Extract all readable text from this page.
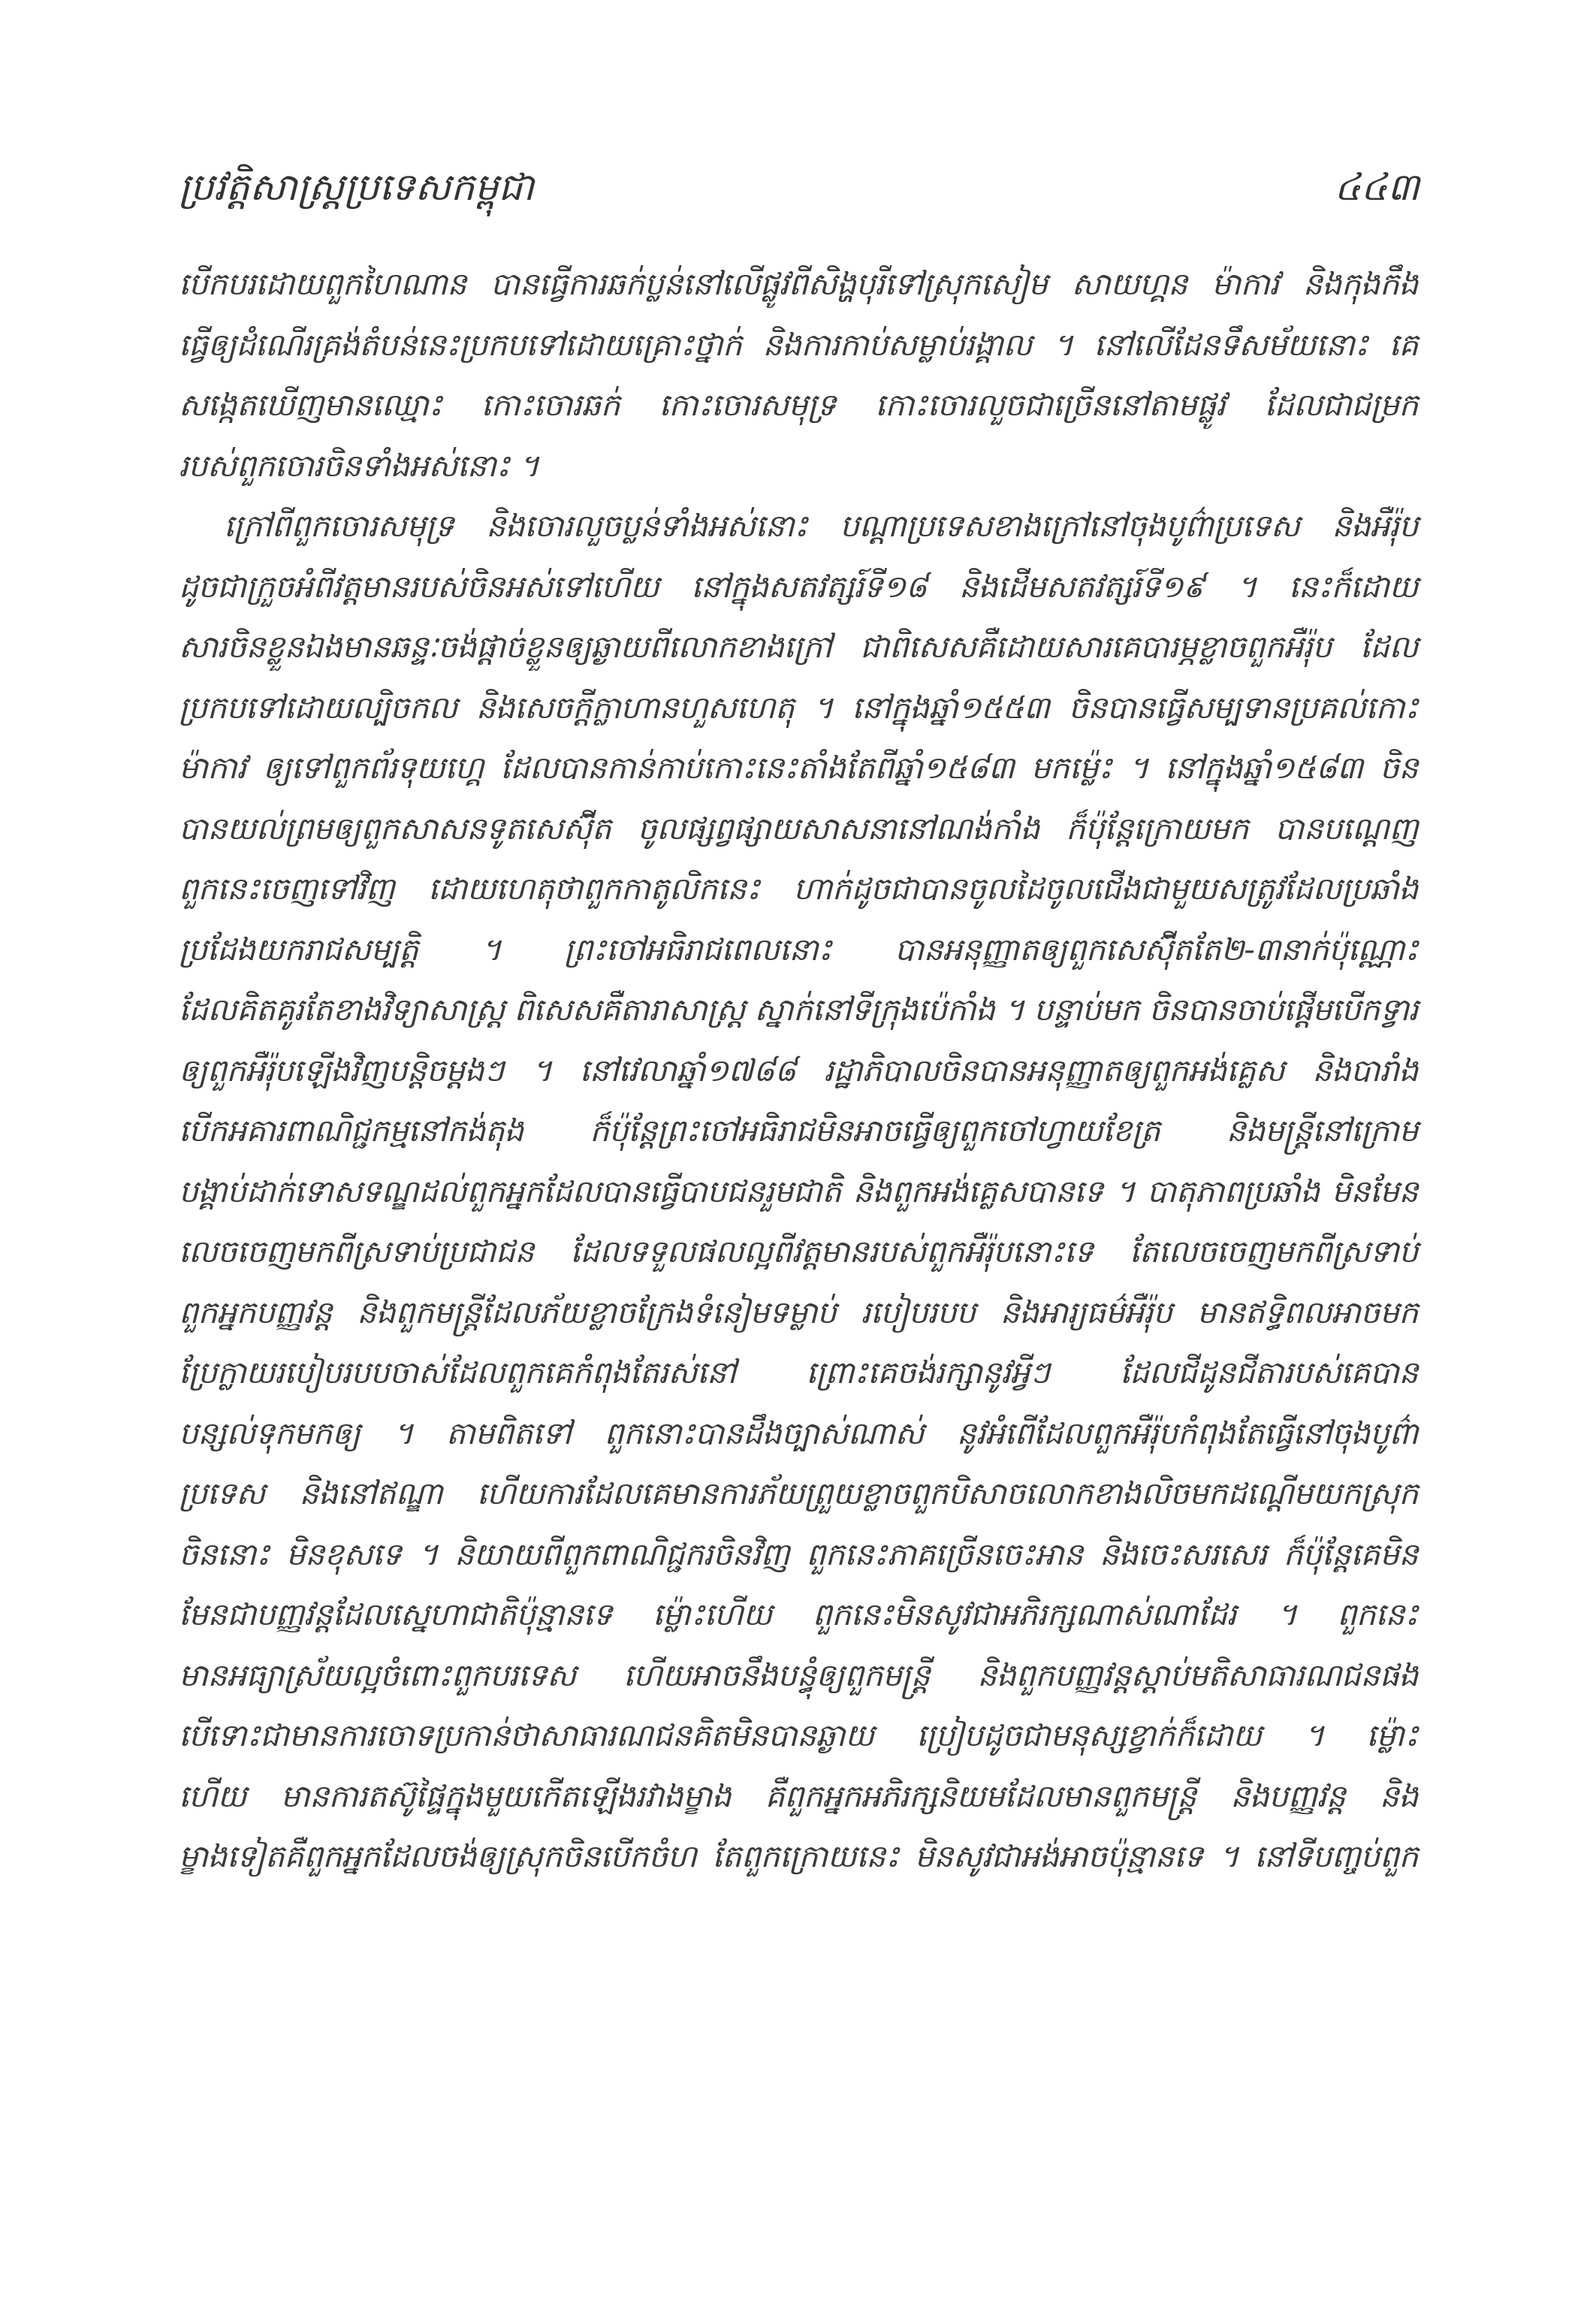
ប្រវត្តិសាស្ត្រប្រទេសកម្ពុជា	៤៤៣
បើកបរដោយពួកហៃណាន បានធ្វើការឆក់ប្លន់នៅលើផ្លូវពីសិង្ហបុរីទៅស្រុកសៀម សាយហ្គន ម៉ាកាវ និងកុងកឹង
ធ្វើឲ្យដំណើរគ្រង់តំបន់នេះប្រកបទៅដោយគ្រោះថ្នាក់ និងការកាប់សម្លាប់រង្គាល ។ នៅលើដែនទឹសម័យនោះ គេ
សង្កេតឃើញមានឈ្មោះ កោះចោរឆក់ កោះចោរសមុទ្រ កោះចោរលួចជាច្រើននៅតាមផ្លូវ ដែលជាជម្រក
របស់ពួកចោរចិនទាំងអស់នោះ ។
ក្រៅពីពួកចោរសមុទ្រ និងចោរលួចប្លន់ទាំងអស់នោះ បណ្ដាប្រទេសខាងក្រៅនៅចុងបូព៌ាប្រទេស និងអឺរ៉ុប
ដូចជាក្រួចអំពីវត្តមានរបស់ចិនអស់ទៅហើយ នៅក្នុងសតវត្សរ៍ទី១៨ និងដើមសតវត្សរ៍ទី១៩ ។ នេះក៏ដោយ
សារចិនខ្លួនឯងមានឆន្ទៈចង់ផ្ដាច់ខ្លួនឲ្យឆ្ងាយពីលោកខាងក្រៅ ជាពិសេសគឺដោយសារគេបារម្ភខ្លាចពួកអឺរ៉ុប ដែល
ប្រកបទៅដោយល្បិចកល និងសេចក្ដីក្លាហានហួសហេតុ ។ នៅក្នុងឆ្នាំ១៥៥៣ ចិនបានធ្វើសម្បទានប្រគល់កោះ
ម៉ាកាវ ឲ្យទៅពួកព័រទុយហ្គេ ដែលបានកាន់កាប់កោះនេះតាំងតែពីឆ្នាំ១៥៨៣ មកម៉្លេះ ។ នៅក្នុងឆ្នាំ១៥៨៣ ចិន
បានយល់ព្រមឲ្យពួកសាសនទូតសេស៊ុីត ចូលផ្សព្វផ្សាយសាសនានៅណង់កាំង ក៏ប៉ុន្តែក្រោយមក បានបណ្ដេញ
ពួកនេះចេញទៅវិញ ដោយហេតុថាពួកកាតូលិកនេះ ហាក់ដូចជាបានចូលដៃចូលជើងជាមួយសត្រូវដែលប្រឆាំង
ប្រដែងយករាជសម្បត្តិ ។ ព្រះចៅអធិរាជពេលនោះ បានអនុញ្ញាតឲ្យពួកសេស៊ុីតតែ២-៣នាក់ប៉ុណ្ណោះ
ដែលគិតគូរតែខាងវិទ្យាសាស្ត្រ ពិសេសគឺតារាសាស្ត្រ ស្នាក់នៅទីក្រុងប៉េកាំង ។ បន្ទាប់មក ចិនបានចាប់ផ្ដើមបើកទ្វារ
ឲ្យពួកអឺរ៉ុបឡើងវិញបន្តិចម្ដងៗ ។ នៅវេលាឆ្នាំ១៧៨៨ រដ្ឋាភិបាលចិនបានអនុញ្ញាតឲ្យពួកអង់គ្លេស និងបារាំង
បើកអគារពាណិជ្ជកម្មនៅកង់តុង ក៏ប៉ុន្តែព្រះចៅអធិរាជមិនអាចធ្វើឲ្យពួកចៅហ្វាយខែត្រ និងមន្ត្រីនៅក្រោម
បង្គាប់ដាក់ទោសទណ្ឌដល់ពួកអ្នកដែលបានធ្វើបាបជនរួមជាតិ និងពួកអង់គ្លេសបានទេ ។ បាតុភាពប្រឆាំង មិនមែន
លេចចេញមកពីស្រទាប់ប្រជាជន ដែលទទួលផលល្អពីវត្តមានរបស់ពួកអឺរ៉ុបនោះទេ តែលេចចេញមកពីស្រទាប់
ពួកអ្នកបញ្ញវន្ត និងពួកមន្ត្រីដែលភ័យខ្លាចក្រែងទំនៀមទម្លាប់ របៀបរបប និងអារ្យធម៌អឺរ៉ុប មានឥទ្ធិពលអាចមក
ប្រែក្លាយរបៀបរបបចាស់ដែលពួកគេកំពុងតែរស់នៅ ព្រោះគេចង់រក្សានូវអ្វីៗ ដែលជីដូនជីតារបស់គេបាន
បន្សល់ទុកមកឲ្យ ។ តាមពិតទៅ ពួកនោះបានដឹងច្បាស់ណាស់ នូវអំពើដែលពួកអឺរ៉ុបកំពុងតែធ្វើនៅចុងបូព៌ា
ប្រទេស និងនៅឥណ្ឌា ហើយការដែលគេមានការភ័យព្រួយខ្លាចពួកបិសាចលោកខាងលិចមកដណ្ដើមយកស្រុក
ចិននោះ មិនខុសទេ ។ និយាយពីពួកពាណិជ្ជករចិនវិញ ពួកនេះភាគច្រើនចេះអាន និងចេះសរសេរ ក៏ប៉ុន្តែគេមិន
មែនជាបញ្ញវន្តដែលស្នេហាជាតិប៉ុន្មានទេ ម៉្លោះហើយ ពួកនេះមិនសូវជាអភិរក្សណាស់ណាដែរ ។ ពួកនេះ
មានអធ្យាស្រ័យល្អចំពោះពួកបរទេស ហើយអាចនឹងបន្ធុំឲ្យពួកមន្ត្រី និងពួកបញ្ញវន្តស្ដាប់មតិសាធារណជនផង
បើទោះជាមានការចោទប្រកាន់ថាសាធារណជនគិតមិនបានឆ្ងាយ ប្រៀបដូចជាមនុស្សខ្វាក់ក៏ដោយ ។ ម៉្លោះ
ហើយ មានការតស៊ូផ្ទៃក្នុងមួយកើតឡើងរវាងម្ខាង គឺពួកអ្នកអភិរក្សនិយមដែលមានពួកមន្ត្រី និងបញ្ញវន្ត និង
ម្ខាងទៀតគឺពួកអ្នកដែលចង់ឲ្យស្រុកចិនបើកចំហ តែពួកក្រោយនេះ មិនសូវជាអង់អាចប៉ុន្មានទេ ។ នៅទីបញ្ចប់ពួក
